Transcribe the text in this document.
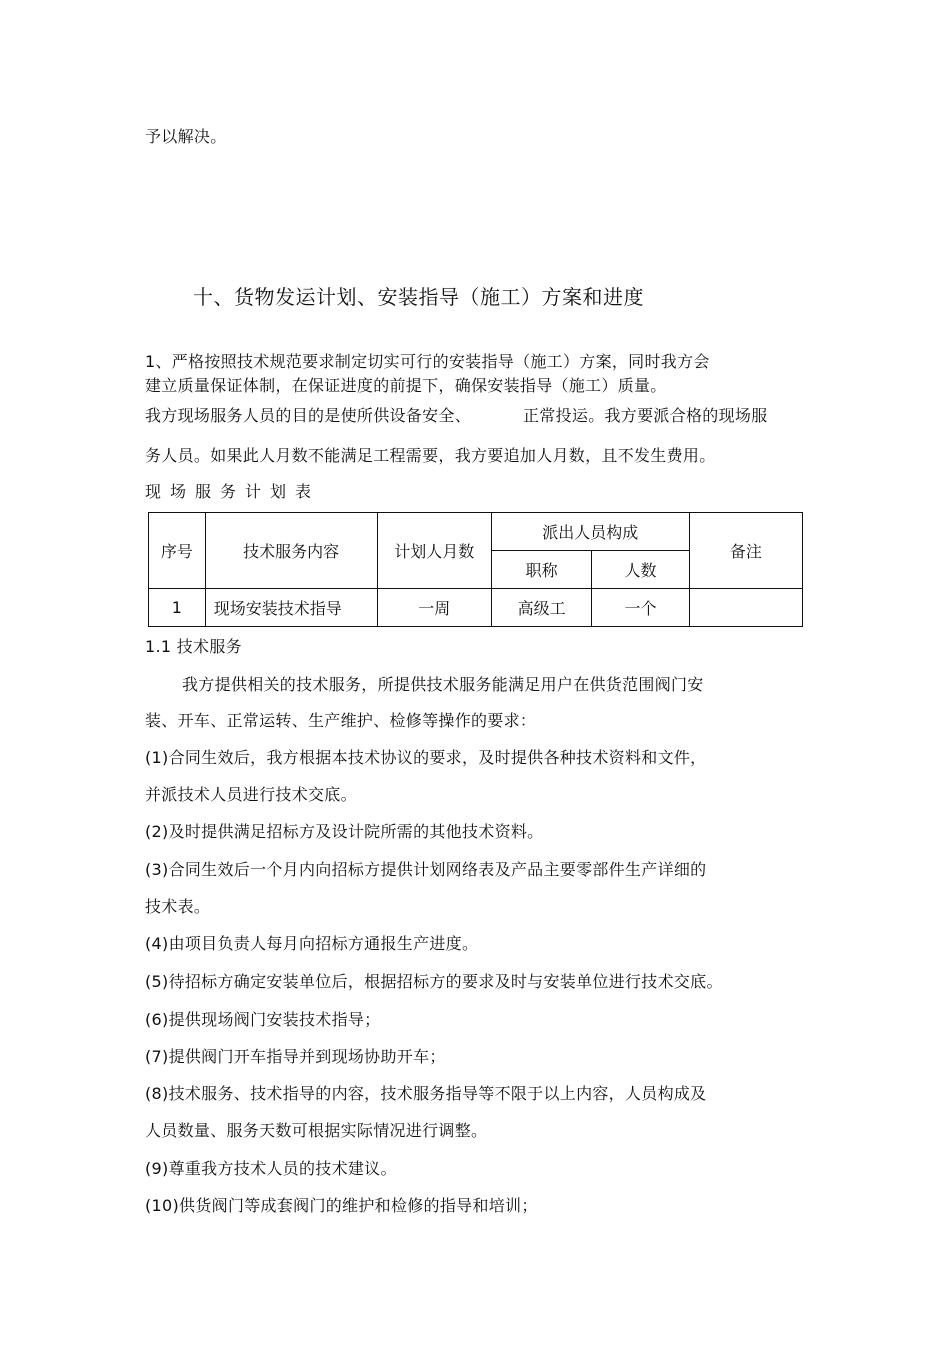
予以解决。
十、货物发运计划、安装指导（施工）方案和进度
1、严格按照技术规范要求制定切实可行的安装指导（施工）方案，同时我方会
建立质量保证体制，在保证进度的前提下，确保安装指导（施工）质量。
我方现场服务人员的目的是使所供设备安全、	正常投运。我方要派合格的现场服
务人员。如果此人月数不能满足工程需要，我方要追加人月数，且不发生费用。
现场服务计划表
序号	技术服务内容	计划人月数	派出人员构成		备注
			职称	人数	
1	现场安装技术指导	一周	高级工	一个	
1.1 技术服务
我方提供相关的技术服务，所提供技术服务能满足用户在供货范围阀门安
装、开车、正常运转、生产维护、检修等操作的要求：
(1)合同生效后，我方根据本技术协议的要求，及时提供各种技术资料和文件，
并派技术人员进行技术交底。
(2)及时提供满足招标方及设计院所需的其他技术资料。
(3)合同生效后一个月内向招标方提供计划网络表及产品主要零部件生产详细的
技术表。
(4)由项目负责人每月向招标方通报生产进度。
(5)待招标方确定安装单位后，根据招标方的要求及时与安装单位进行技术交底。
(6)提供现场阀门安装技术指导；
(7)提供阀门开车指导并到现场协助开车；
(8)技术服务、技术指导的内容，技术服务指导等不限于以上内容，人员构成及
人员数量、服务天数可根据实际情况进行调整。
(9)尊重我方技术人员的技术建议。
(10)供货阀门等成套阀门的维护和检修的指导和培训；
